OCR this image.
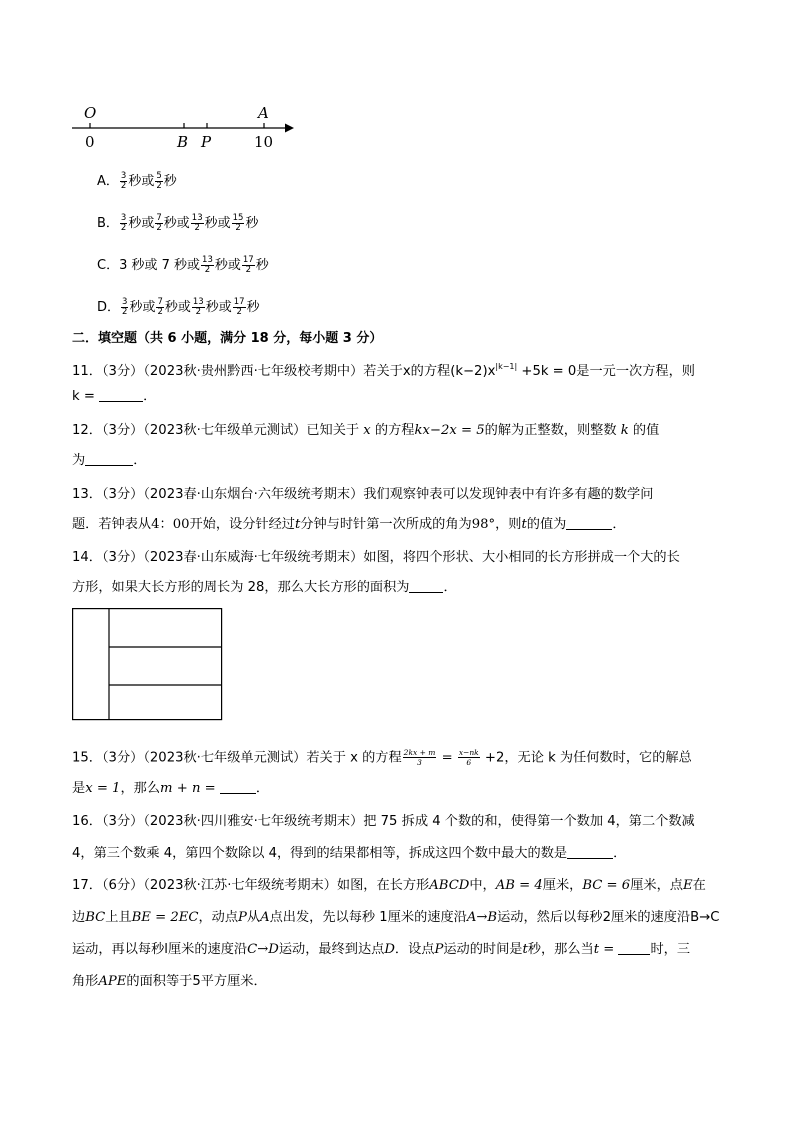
O	A
B P
0	10
A． $\frac{3}{2}$ 秒或 $\frac{5}{2}$ 秒
B． $\frac{3}{2}$ 秒或 $\frac{7}{2}$ 秒或 $\frac{13}{2}$ 秒或 $\frac{15}{2}$ 秒
C．3 秒或 7 秒或 $\frac{13}{2}$ 秒或 $\frac{17}{2}$ 秒
D． $\frac{3}{2}$ 秒或 $\frac{7}{2}$ 秒或 $\frac{13}{2}$ 秒或 $\frac{17}{2}$ 秒
二．填空题（共 6 小题，满分 18 分，每小题 3 分）
11．（3分）（2023秋·贵州黔西·七年级校考期中）若关于x的方程$(k-2)x^{|k-1|} +5k = 0$是一元一次方程，则
k =	．
12．（3分）（2023秋·七年级单元测试）已知关于 x 的方程kx−2x = 5的解为正整数，则整数 k 的值
为	．
13．（3分）（2023春·山东烟台·六年级统考期末）我们观察钟表可以发现钟表中有许多有趣的数学问
题．若钟表从4：00开始，设分针经过t分钟与时针第一次所成的角为98°，则t的值为	．
14．（3分）（2023春·山东威海·七年级统考期末）如图，将四个形状、大小相同的长方形拼成一个大的长
方形，如果大长方形的周长为 28，那么大长方形的面积为	．
15．（3分）（2023秋·七年级单元测试）若关于 x 的方程 $\frac{2kx + m}{3} = \frac{x-nk}{6} +2$，无论 k 为任何数时，它的解总
是x = 1，那么m + n =	．
16．（3分）（2023秋·四川雅安·七年级统考期末）把 75 拆成 4 个数的和，使得第一个数加 4，第二个数减
4，第三个数乘 4，第四个数除以 4，得到的结果都相等，拆成这四个数中最大的数是	．
17．（6分）（2023秋·江苏·七年级统考期末）如图，在长方形ABCD中，AB = 4厘米，BC = 6厘米，点E在
边BC上且BE = 2EC，动点P从A点出发，先以每秒 1厘米的速度沿A→B运动，然后以每秒2厘米的速度沿B→C
运动，再以每秒l厘米的速度沿C→D运动，最终到达点D．设点P运动的时间是t秒，那么当t =	时，三
角形APE的面积等于5平方厘米．
